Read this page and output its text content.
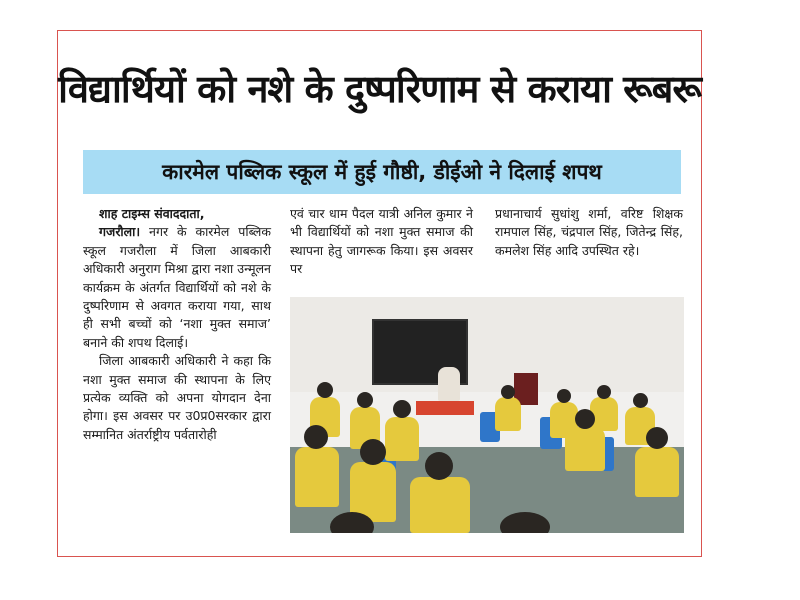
विद्यार्थियों को नशे के दुष्परिणाम से कराया रूबरू
कारमेल पब्लिक स्कूल में हुई गौष्ठी, डीईओ ने दिलाई शपथ
शाह टाइम्स संवाददाता,

गजरौला। नगर के कारमेल पब्लिक स्कूल गजरौला में जिला आबकारी अधिकारी अनुराग मिश्रा द्वारा नशा उन्मूलन कार्यक्रम के अंतर्गत विद्यार्थियों को नशे के दुष्परिणाम से अवगत कराया गया, साथ ही सभी बच्चों को ‘नशा मुक्त समाज’ बनाने की शपथ दिलाई।

जिला आबकारी अधिकारी ने कहा कि नशा मुक्त समाज की स्थापना के लिए प्रत्येक व्यक्ति को अपना योगदान देना होगा। इस अवसर पर उ0प्र0सरकार द्वारा सम्मानित अंतर्राष्ट्रीय पर्वतारोही

एवं चार धाम पैदल यात्री अनिल कुमार ने भी विद्यार्थियों को नशा मुक्त समाज की स्थापना हेतु जागरूक किया। इस अवसर पर

प्रधानाचार्य सुधांशु शर्मा, वरिष्ट शिक्षक रामपाल सिंह, चंद्रपाल सिंह, जितेन्द्र सिंह, कमलेश सिंह आदि उपस्थित रहे।
